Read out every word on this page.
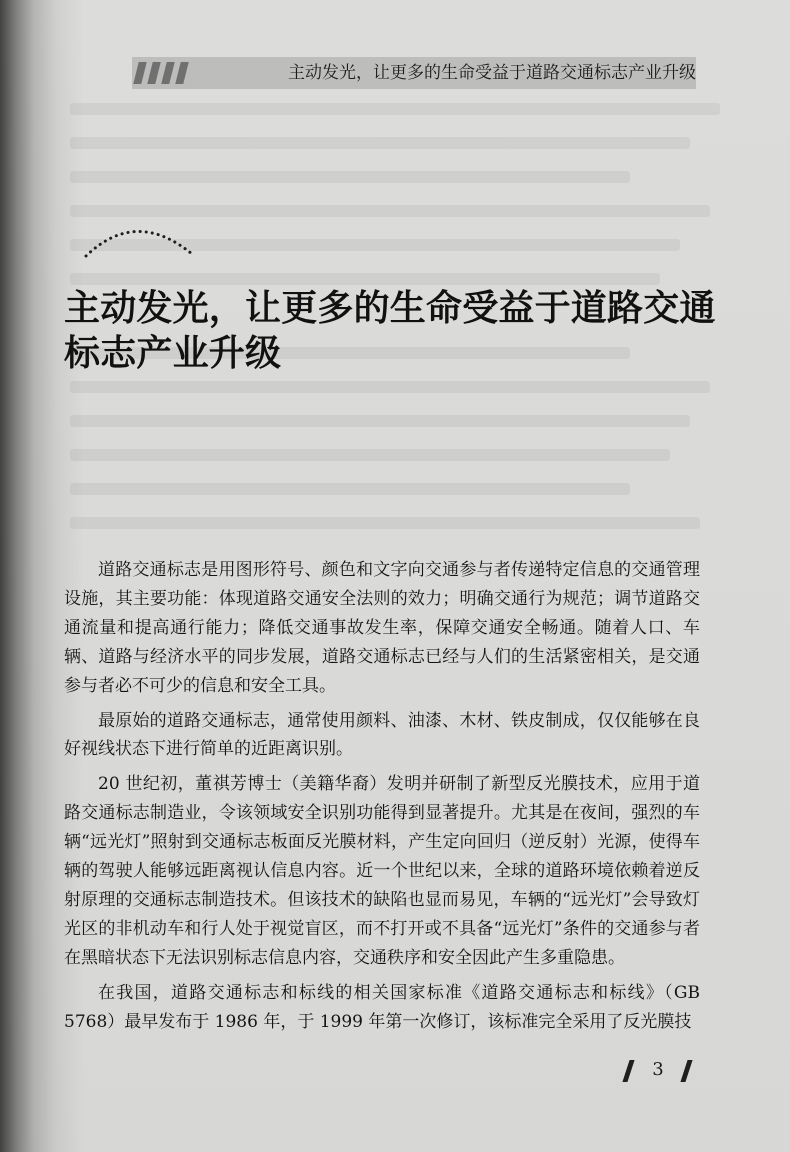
主动发光，让更多的生命受益于道路交通标志产业升级
主动发光，让更多的生命受益于道路交通标志产业升级

道路交通标志是用图形符号、颜色和文字向交通参与者传递特定信息的交通管理设施，其主要功能：体现道路交通安全法则的效力；明确交通行为规范；调节道路交通流量和提高通行能力；降低交通事故发生率，保障交通安全畅通。随着人口、车辆、道路与经济水平的同步发展，道路交通标志已经与人们的生活紧密相关，是交通参与者必不可少的信息和安全工具。

最原始的道路交通标志，通常使用颜料、油漆、木材、铁皮制成，仅仅能够在良好视线状态下进行简单的近距离识别。

20 世纪初，董祺芳博士（美籍华裔）发明并研制了新型反光膜技术，应用于道路交通标志制造业，令该领域安全识别功能得到显著提升。尤其是在夜间，强烈的车辆“远光灯”照射到交通标志板面反光膜材料，产生定向回归（逆反射）光源，使得车辆的驾驶人能够远距离视认信息内容。近一个世纪以来，全球的道路环境依赖着逆反射原理的交通标志制造技术。但该技术的缺陷也显而易见，车辆的“远光灯”会导致灯光区的非机动车和行人处于视觉盲区，而不打开或不具备“远光灯”条件的交通参与者在黑暗状态下无法识别标志信息内容，交通秩序和安全因此产生多重隐患。

在我国，道路交通标志和标线的相关国家标准《道路交通标志和标线》（GB 5768）最早发布于 1986 年，于 1999 年第一次修订，该标准完全采用了反光膜技

3
